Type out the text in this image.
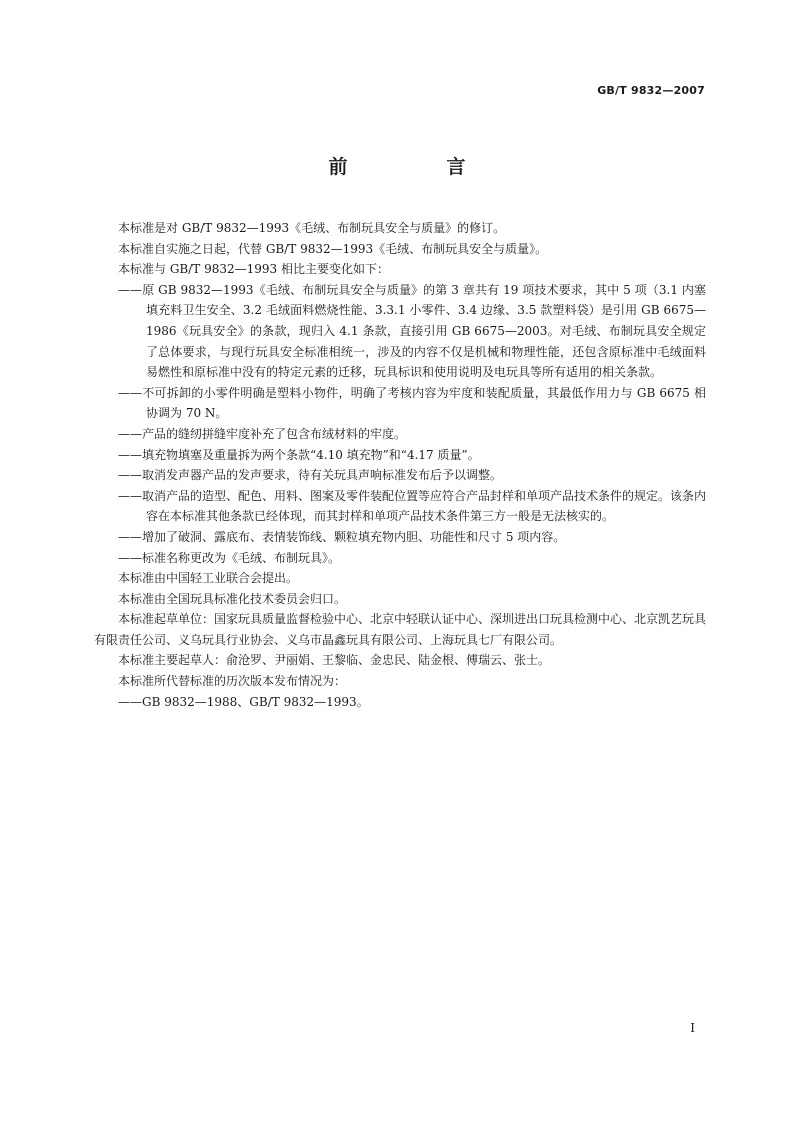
GB/T 9832—2007
前　言

本标准是对 GB/T 9832—1993《毛绒、布制玩具安全与质量》的修订。

本标准自实施之日起，代替 GB/T 9832—1993《毛绒、布制玩具安全与质量》。

本标准与 GB/T 9832—1993 相比主要变化如下：

——原 GB 9832—1993《毛绒、布制玩具安全与质量》的第 3 章共有 19 项技术要求，其中 5 项（3.1 内塞填充料卫生安全、3.2 毛绒面料燃烧性能、3.3.1 小零件、3.4 边缘、3.5 款塑料袋）是引用 GB 6675—1986《玩具安全》的条款，现归入 4.1 条款，直接引用 GB 6675—2003。对毛绒、布制玩具安全规定了总体要求，与现行玩具安全标准相统一，涉及的内容不仅是机械和物理性能，还包含原标准中毛绒面料易燃性和原标准中没有的特定元素的迁移，玩具标识和使用说明及电玩具等所有适用的相关条款。

——不可拆卸的小零件明确是塑料小物件，明确了考核内容为牢度和装配质量，其最低作用力与 GB 6675 相协调为 70 N。

——产品的缝纫拼缝牢度补充了包含布绒材料的牢度。

——填充物填塞及重量拆为两个条款“4.10 填充物”和“4.17 质量”。

——取消发声器产品的发声要求，待有关玩具声响标准发布后予以调整。

——取消产品的造型、配色、用料、图案及零件装配位置等应符合产品封样和单项产品技术条件的规定。该条内容在本标准其他条款已经体现，而其封样和单项产品技术条件第三方一般是无法核实的。

——增加了破洞、露底布、表情装饰线、颗粒填充物内胆、功能性和尺寸 5 项内容。

——标准名称更改为《毛绒、布制玩具》。

本标准由中国轻工业联合会提出。

本标准由全国玩具标准化技术委员会归口。

本标准起草单位：国家玩具质量监督检验中心、北京中轻联认证中心、深圳进出口玩具检测中心、北京凯艺玩具有限责任公司、义乌玩具行业协会、义乌市晶鑫玩具有限公司、上海玩具七厂有限公司。

本标准主要起草人：俞沧罗、尹丽娟、王黎临、金忠民、陆金根、傅瑞云、张士。

本标准所代替标准的历次版本发布情况为：

——GB 9832—1988、GB/T 9832—1993。

I
